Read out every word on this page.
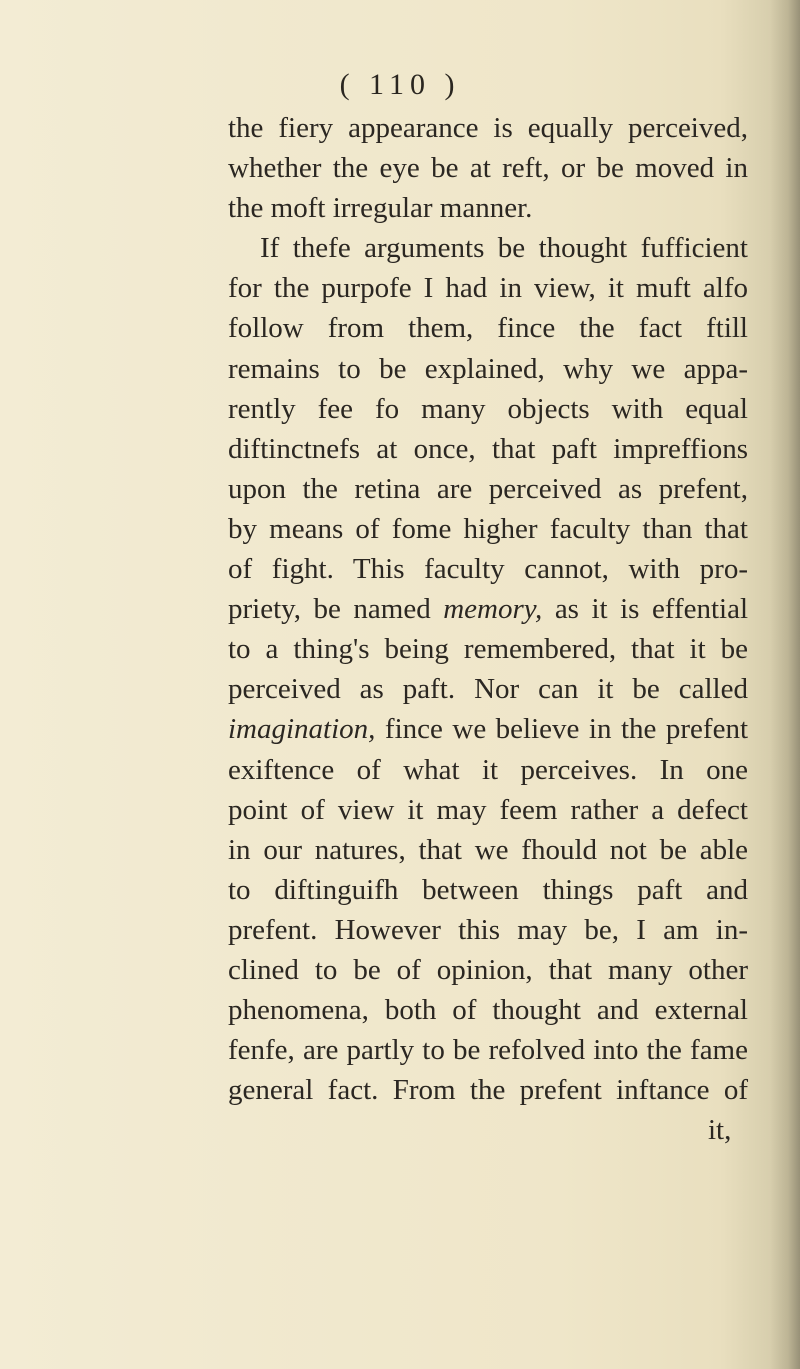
( 110 )
the fiery appearance is equally perceived,
whether the eye be at reft, or be moved in
the moft irregular manner.
If thefe arguments be thought fufficient
for the purpofe I had in view, it muft alfo
follow from them, fince the fact ftill
remains to be explained, why we appa-
rently fee fo many objects with equal
diftinctnefs at once, that paft impreffions
upon the retina are perceived as prefent,
by means of fome higher faculty than that
of fight. This faculty cannot, with pro-
priety, be named memory, as it is effential
to a thing's being remembered, that it be
perceived as paft. Nor can it be called
imagination, fince we believe in the prefent
exiftence of what it perceives. In one
point of view it may feem rather a defect
in our natures, that we fhould not be able
to diftinguifh between things paft and
prefent. However this may be, I am in-
clined to be of opinion, that many other
phenomena, both of thought and external
fenfe, are partly to be refolved into the fame
general fact. From the prefent inftance of
it,
